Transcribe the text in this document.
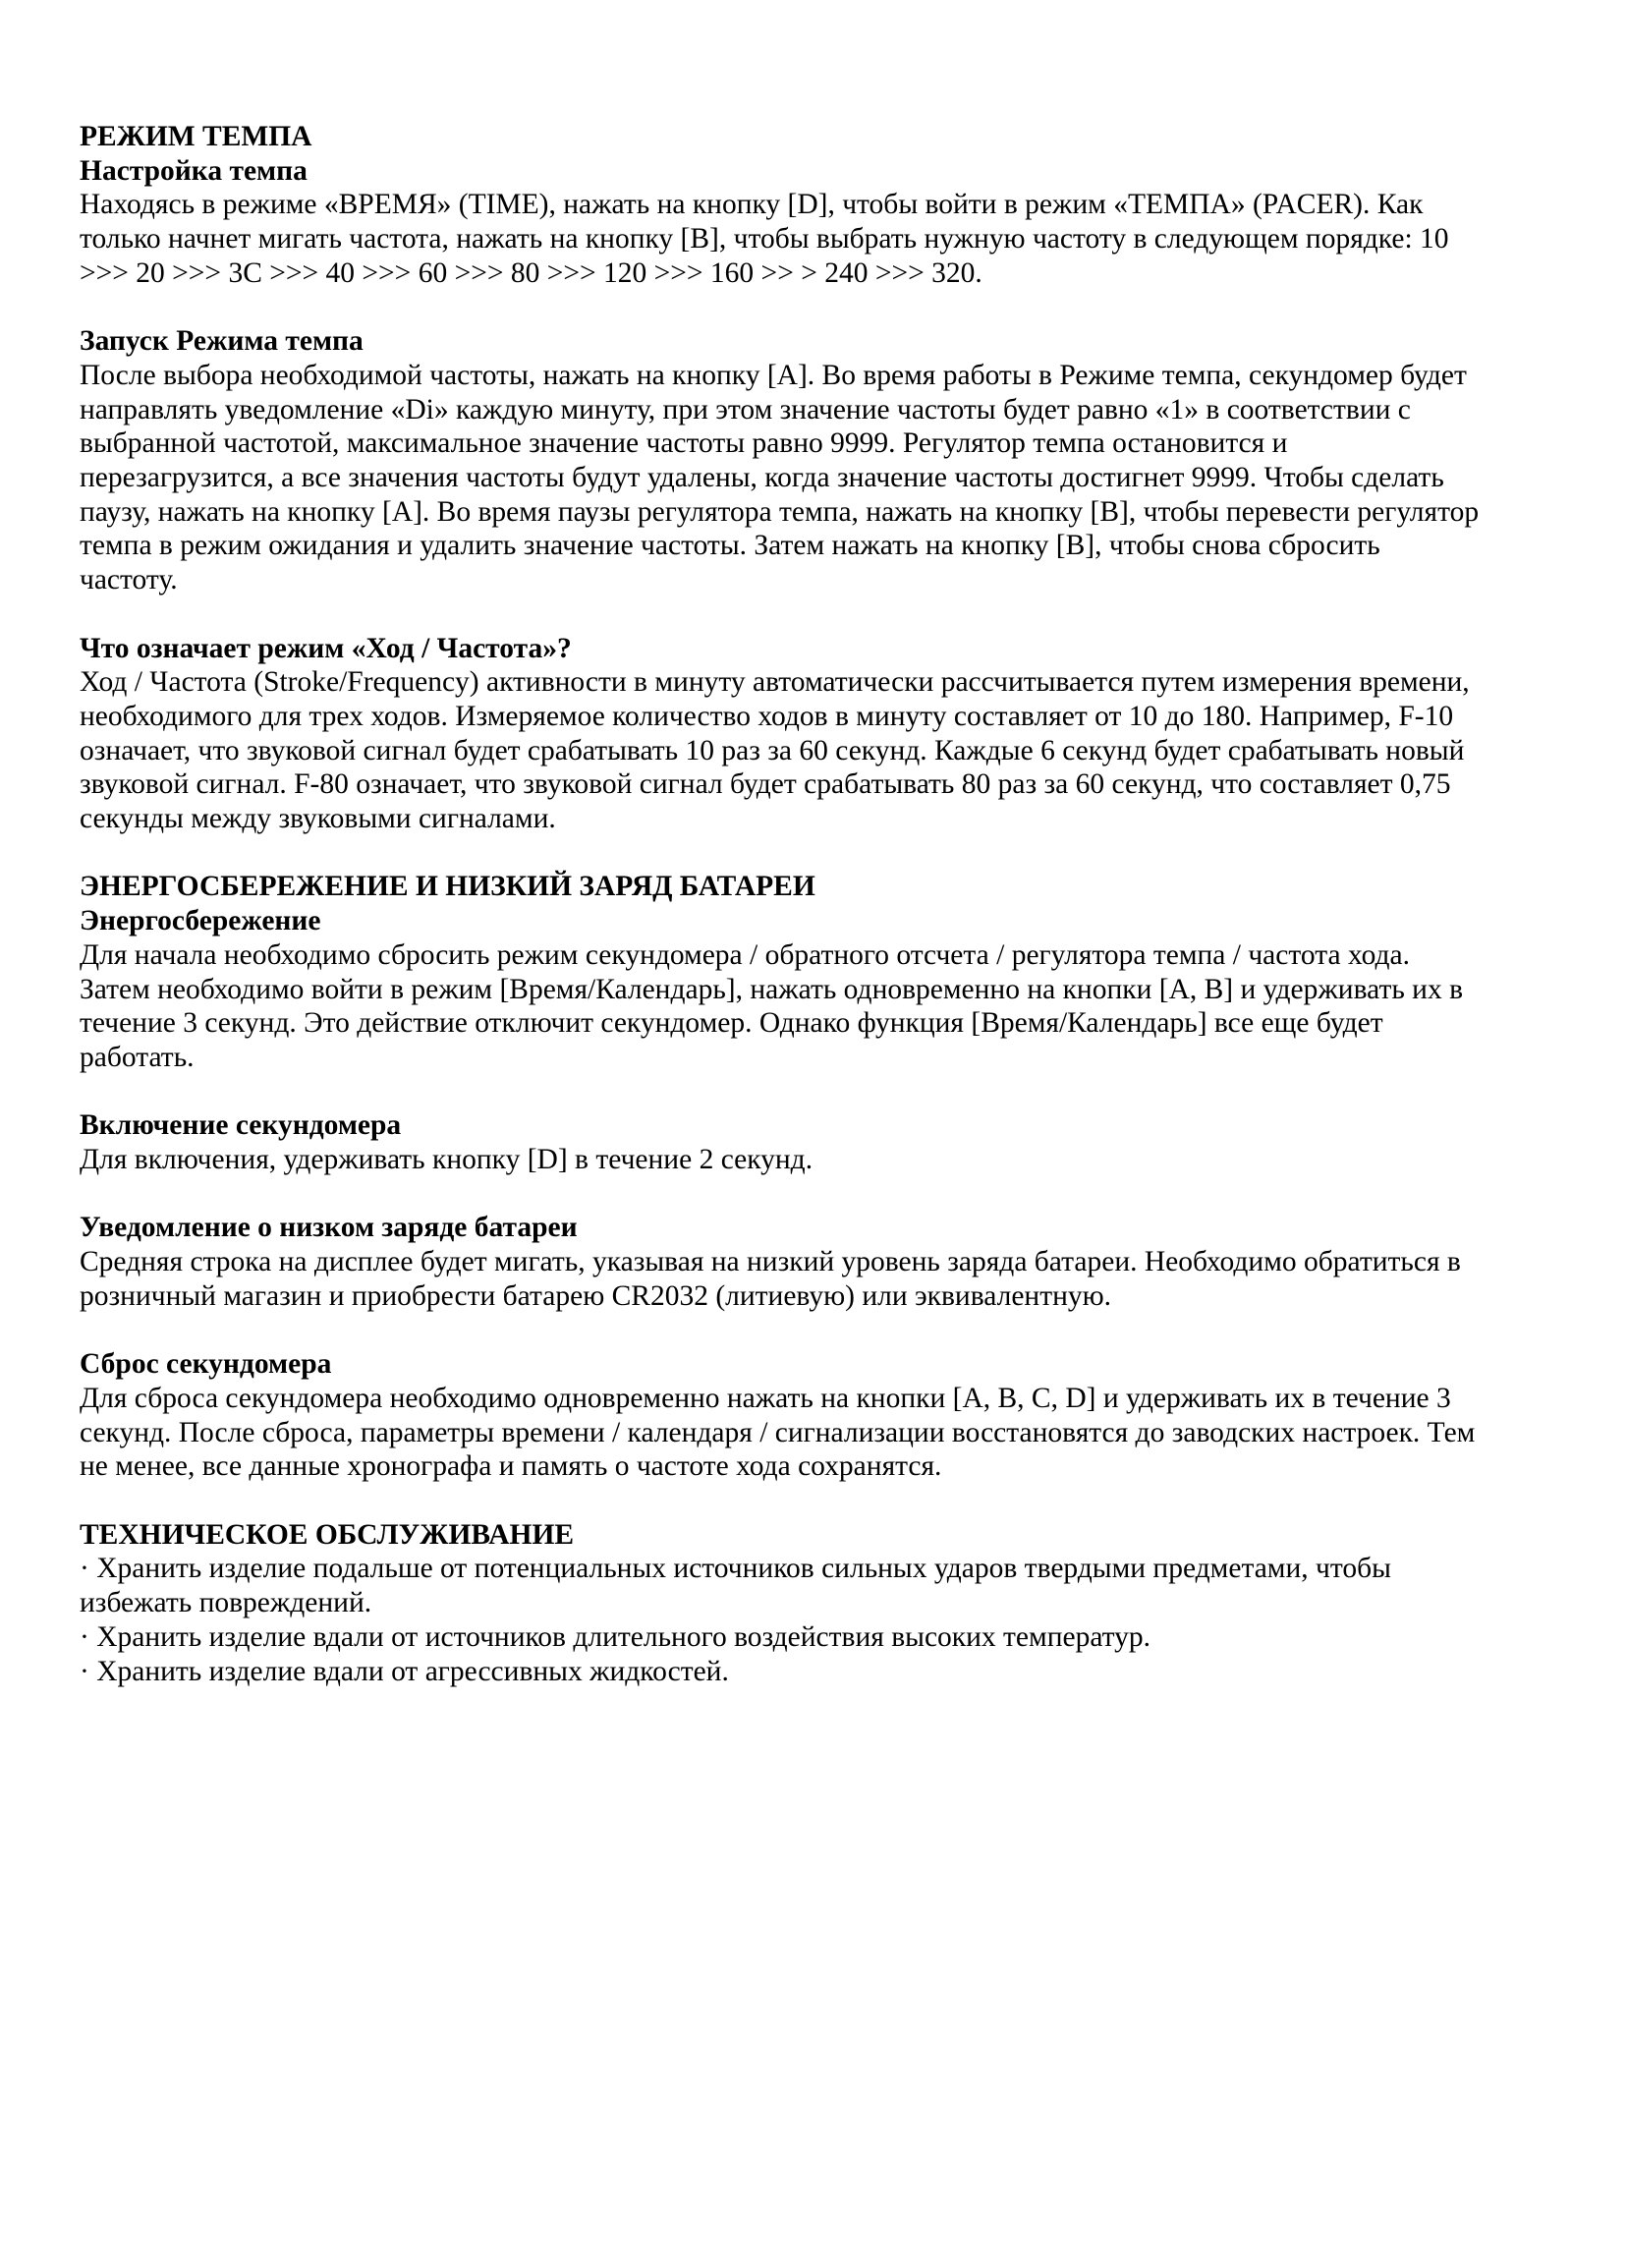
РЕЖИМ ТЕМПА
Настройка темпа
Находясь в режиме «ВРЕМЯ» (TIME), нажать на кнопку [D], чтобы войти в режим «ТЕМПА» (PACER). Как
только начнет мигать частота, нажать на кнопку [B], чтобы выбрать нужную частоту в следующем порядке: 10
>>> 20 >>> 3C >>> 40 >>> 60 >>> 80 >>> 120 >>> 160 >> > 240 >>> 320.
Запуск Режима темпа
После выбора необходимой частоты, нажать на кнопку [A]. Во время работы в Режиме темпа, секундомер будет
направлять уведомление «Di» каждую минуту, при этом значение частоты будет равно «1» в соответствии с
выбранной частотой, максимальное значение частоты равно 9999. Регулятор темпа остановится и
перезагрузится, а все значения частоты будут удалены, когда значение частоты достигнет 9999. Чтобы сделать
паузу, нажать на кнопку [A]. Во время паузы регулятора темпа, нажать на кнопку [B], чтобы перевести регулятор
темпа в режим ожидания и удалить значение частоты. Затем нажать на кнопку [B], чтобы снова сбросить
частоту.
Что означает режим «Ход / Частота»?
Ход / Частота (Stroke/Frequency) активности в минуту автоматически рассчитывается путем измерения времени,
необходимого для трех ходов. Измеряемое количество ходов в минуту составляет от 10 до 180. Например, F-10
означает, что звуковой сигнал будет срабатывать 10 раз за 60 секунд. Каждые 6 секунд будет срабатывать новый
звуковой сигнал. F-80 означает, что звуковой сигнал будет срабатывать 80 раз за 60 секунд, что составляет 0,75
секунды между звуковыми сигналами.
ЭНЕРГОСБЕРЕЖЕНИЕ И НИЗКИЙ ЗАРЯД БАТАРЕИ
Энергосбережение
Для начала необходимо сбросить режим секундомера / обратного отсчета / регулятора темпа / частота хода.
Затем необходимо войти в режим [Время/Календарь], нажать одновременно на кнопки [A, B] и удерживать их в
течение 3 секунд. Это действие отключит секундомер. Однако функция [Время/Календарь] все еще будет
работать.
Включение секундомера
Для включения, удерживать кнопку [D] в течение 2 секунд.
Уведомление о низком заряде батареи
Средняя строка на дисплее будет мигать, указывая на низкий уровень заряда батареи. Необходимо обратиться в
розничный магазин и приобрести батарею CR2032 (литиевую) или эквивалентную.
Сброс секундомера
Для сброса секундомера необходимо одновременно нажать на кнопки [A, B, C, D] и удерживать их в течение 3
секунд. После сброса, параметры времени / календаря / сигнализации восстановятся до заводских настроек. Тем
не менее, все данные хронографа и память о частоте хода сохранятся.
ТЕХНИЧЕСКОЕ ОБСЛУЖИВАНИЕ
· Хранить изделие подальше от потенциальных источников сильных ударов твердыми предметами, чтобы
избежать повреждений.
· Хранить изделие вдали от источников длительного воздействия высоких температур.
· Хранить изделие вдали от агрессивных жидкостей.
